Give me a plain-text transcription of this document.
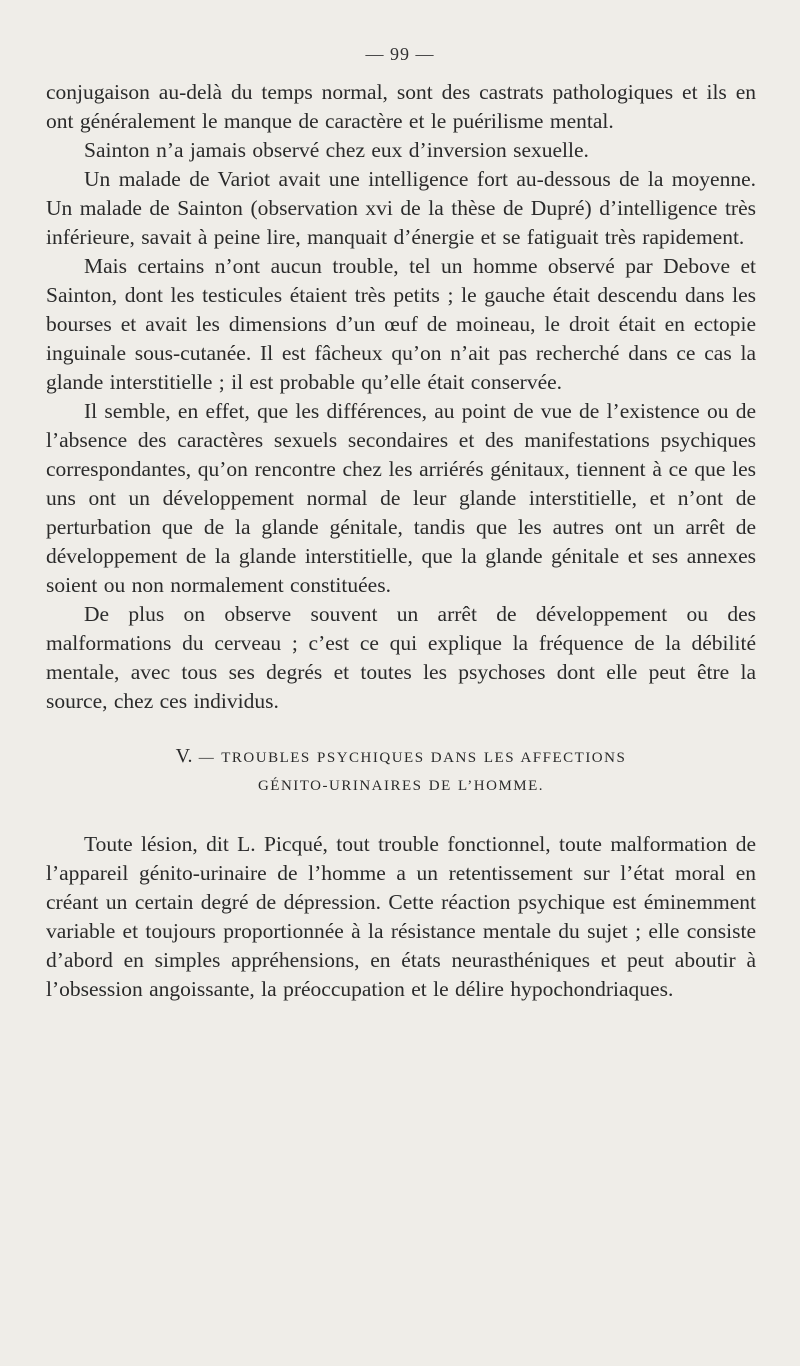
— 99 —

conjugaison au-delà du temps normal, sont des castrats pathologiques et ils en ont généralement le manque de caractère et le puérilisme mental.

Sainton n’a jamais observé chez eux d’inversion sexuelle.

Un malade de Variot avait une intelligence fort au-dessous de la moyenne. Un malade de Sainton (observation xvi de la thèse de Dupré) d’intelligence très inférieure, savait à peine lire, manquait d’énergie et se fatiguait très rapidement.

Mais certains n’ont aucun trouble, tel un homme observé par Debove et Sainton, dont les testicules étaient très petits ; le gauche était descendu dans les bourses et avait les dimensions d’un œuf de moineau, le droit était en ectopie inguinale sous-cutanée. Il est fâcheux qu’on n’ait pas recherché dans ce cas la glande interstitielle ; il est probable qu’elle était conservée.

Il semble, en effet, que les différences, au point de vue de l’existence ou de l’absence des caractères sexuels secondaires et des manifestations psychiques correspondantes, qu’on rencontre chez les arriérés génitaux, tiennent à ce que les uns ont un développement normal de leur glande interstitielle, et n’ont de perturbation que de la glande génitale, tandis que les autres ont un arrêt de développement de la glande interstitielle, que la glande génitale et ses annexes soient ou non normalement constituées.

De plus on observe souvent un arrêt de développement ou des malformations du cerveau ; c’est ce qui explique la fréquence de la débilité mentale, avec tous ses degrés et toutes les psychoses dont elle peut être la source, chez ces individus.

V. — TROUBLES PSYCHIQUES DANS LES AFFECTIONS
GÉNITO-URINAIRES DE L’HOMME.

Toute lésion, dit L. Picqué, tout trouble fonctionnel, toute malformation de l’appareil génito-urinaire de l’homme a un retentissement sur l’état moral en créant un certain degré de dépression. Cette réaction psychique est éminemment variable et toujours proportionnée à la résistance mentale du sujet ; elle consiste d’abord en simples appréhensions, en états neurasthéniques et peut aboutir à l’obsession angoissante, la préoccupation et le délire hypochondriaques.
